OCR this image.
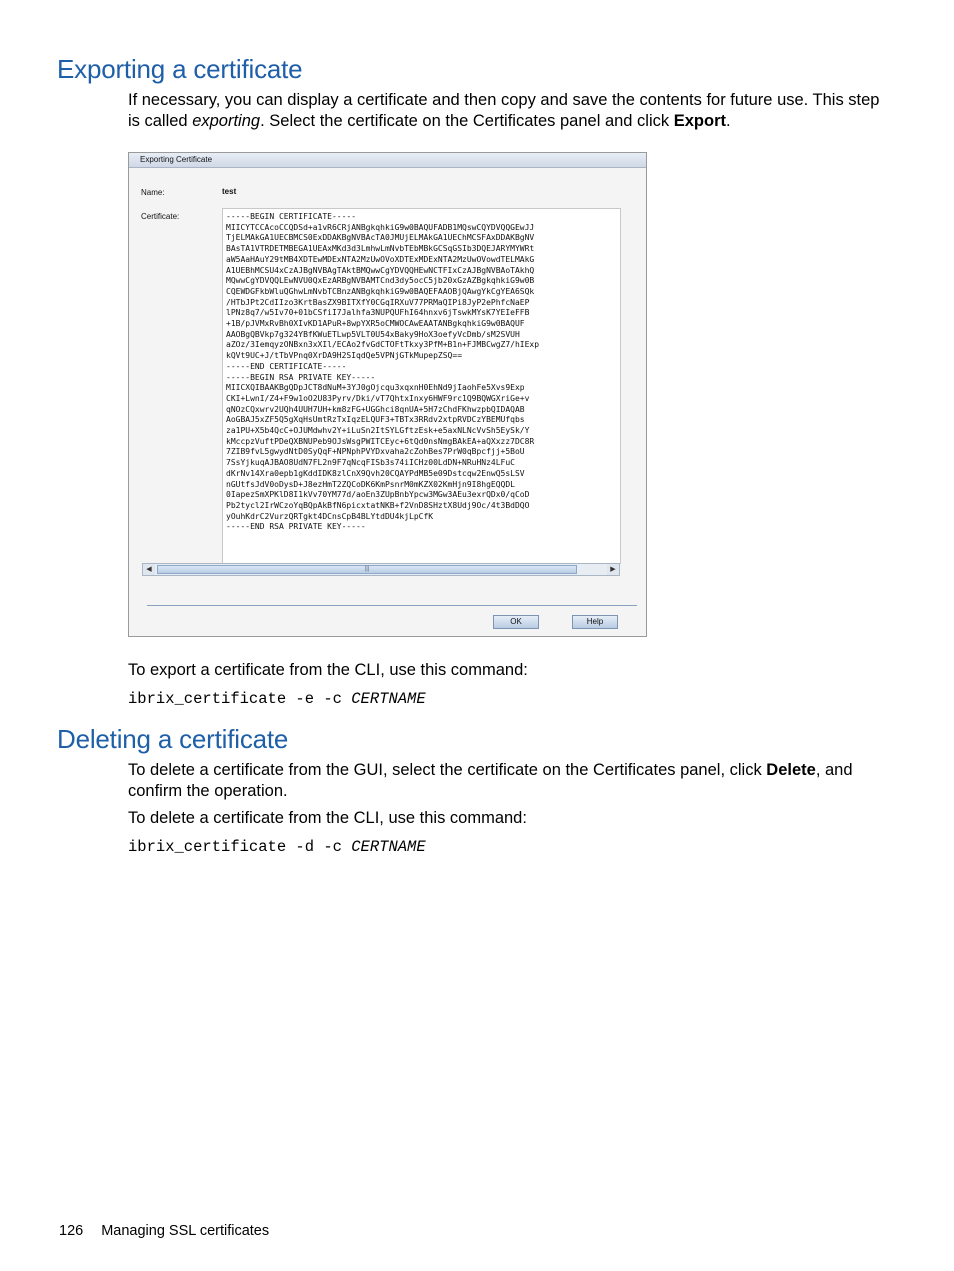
Exporting a certificate

If necessary, you can display a certificate and then copy and save the contents for future use. This step is called exporting. Select the certificate on the Certificates panel and click Export.

Exporting Certificate
Name:	test
Certificate:	-----BEGIN CERTIFICATE-----
MIICYTCCAcoCCQDSd+a1vR6CRjANBgkqhkiG9w0BAQUFADB1MQswCQYDVQQGEwJJ
TjELMAkGA1UECBMCS0ExDDAKBgNVBAcTA0JMUjELMAkGA1UEChMCSFAxDDAKBgNV
BAsTA1VTRDETMBEGA1UEAxMKd3d3LmhwLmNvbTEbMBkGCSqGSIb3DQEJARYMYWRt
aW5AaHAuY29tMB4XDTEwMDExNTA2MzUwOVoXDTExMDExNTA2MzUwOVowdTELMAkG
A1UEBhMCSU4xCzAJBgNVBAgTAktBMQwwCgYDVQQHEwNCTFIxCzAJBgNVBAoTAkhQ
MQwwCgYDVQQLEwNVU0QxEzARBgNVBAMTCnd3dy5ocC5jb20xGzAZBgkqhkiG9w0B
CQEWDGFkbWluQGhwLmNvbTCBnzANBgkqhkiG9w0BAQEFAAOBjQAwgYkCgYEA6SQk
/HTbJPt2CdIIzo3KrtBasZX9BITXfY0CGqIRXuV77PRMaQIPi8JyP2ePhfcNaEP
lPNz8q7/w5Iv70+01bCSfiI7Jalhfa3NUPQUFhI64hnxv6jTswkMYsK7YEIeFFB
+1B/pJVMxRvBh0XIvKD1APuR+8wpYXR5oCMWOCAwEAATANBgkqhkiG9w0BAQUF
AAOBgQBVkp7g324YBfKWuETLwp5VLT0U54xBaky9HoX3oefyVcDmb/sM2SVUH
aZOz/3IemqyzONBxn3xXIl/ECAo2fvGdCTOFtTkxy3PfM+B1n+FJMBCwgZ7/hIExp
kQVt9UC+J/tTbVPnq0XrDA9H2SIqdQe5VPNjGTkMupepZSQ==
-----END CERTIFICATE-----
-----BEGIN RSA PRIVATE KEY-----
MIICXQIBAAKBgQDpJCT8dNuM+3YJ0gOjcqu3xqxnH0EhNd9jIaohFe5Xvs9Exp
CKI+LwnI/Z4+F9w1oO2U83Pyrv/Dki/vT7QhtxInxy6HWF9rc1Q9BQWGXriGe+v
qNOzCQxwrv2UQh4UUH7UH+km8zFG+UGGhci8qnUA+5H7zChdFKhwzpbQIDAQAB
AoGBAJ5xZF5Q5gXqHsUmtRzTxIqzELQUF3+TBTx3RRdv2xtpRVDCzYBEMUfqbs
za1PU+X5b4QcC+OJUMdwhv2Y+iLuSn2ItSYLGftzEsk+e5axNLNcVvSh5EySk/Y
kMccpzVuftPDeQXBNUPeb9OJsWsgPWITCEyc+6tQd0nsNmgBAkEA+aQXxzz7DC8R
7ZIB9fvL5gwydNtD0SyQqF+NPNphPVYDxvaha2cZohBes7PrW0qBpcfjj+5BoU
7SsYjkuqAJBAO8UdN7FL2n9F7qNcqFISb3s74iICHz00LdDN+NRuHNz4LFuC
dKrNv14Xra0epb1gKddIDK8zlCnX9Qvh20CQAYPdMB5e09Dstcqw2EnwQ5sLSV
nGUtfsJdV0oDysD+J8ezHmT2ZQCoDK6KmPsnrM0mKZX02KmHjn9I8hgEQQDL
0IapezSmXPKlD8I1kVv70YM77d/aoEn3ZUpBnbYpcw3MGw3AEu3exrQDx0/qCoD
Pb2tycl2IrWCzoYqBQpAkBfN6picxtatNKB+f2VnD8SHztX8Udj9Oc/4t3BdDQO
yOuhKdrC2VurzQRTgkt4DCnsCpB4BLYtdDU4kjLpCfK
-----END RSA PRIVATE KEY-----
◀	|||	▶
OK	Help

To export a certificate from the CLI, use this command:

ibrix_certificate -e -c CERTNAME

Deleting a certificate

To delete a certificate from the GUI, select the certificate on the Certificates panel, click Delete, and confirm the operation.

To delete a certificate from the CLI, use this command:

ibrix_certificate -d -c CERTNAME

126 Managing SSL certificates
